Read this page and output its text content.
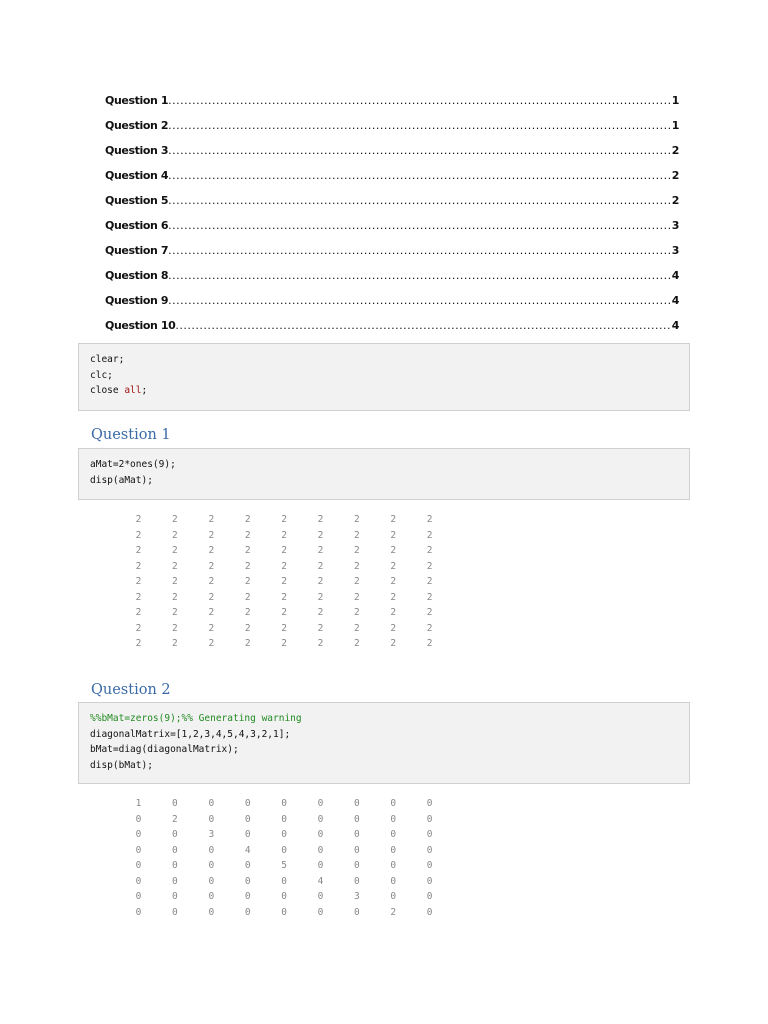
Question 1 .....	1
Question 2 .....	1
Question 3 .....	2
Question 4 .....	2
Question 5 .....	2
Question 6 .....	3
Question 7 .....	3
Question 8 .....	4
Question 9 .....	4
Question 10 .....	4
clear;
clc;
close all;
Question 1
aMat=2*ones(9);
disp(aMat);
2	2	2	2	2	2	2	2	2
2	2	2	2	2	2	2	2	2
2	2	2	2	2	2	2	2	2
2	2	2	2	2	2	2	2	2
2	2	2	2	2	2	2	2	2
2	2	2	2	2	2	2	2	2
2	2	2	2	2	2	2	2	2
2	2	2	2	2	2	2	2	2
2	2	2	2	2	2	2	2	2
Question 2
%%bMat=zeros(9);%% Generating warning
diagonalMatrix=[1,2,3,4,5,4,3,2,1];
bMat=diag(diagonalMatrix);
disp(bMat);
1	0	0	0	0	0	0	0	0
0	2	0	0	0	0	0	0	0
0	0	3	0	0	0	0	0	0
0	0	0	4	0	0	0	0	0
0	0	0	0	5	0	0	0	0
0	0	0	0	0	4	0	0	0
0	0	0	0	0	0	3	0	0
0	0	0	0	0	0	0	2	0
